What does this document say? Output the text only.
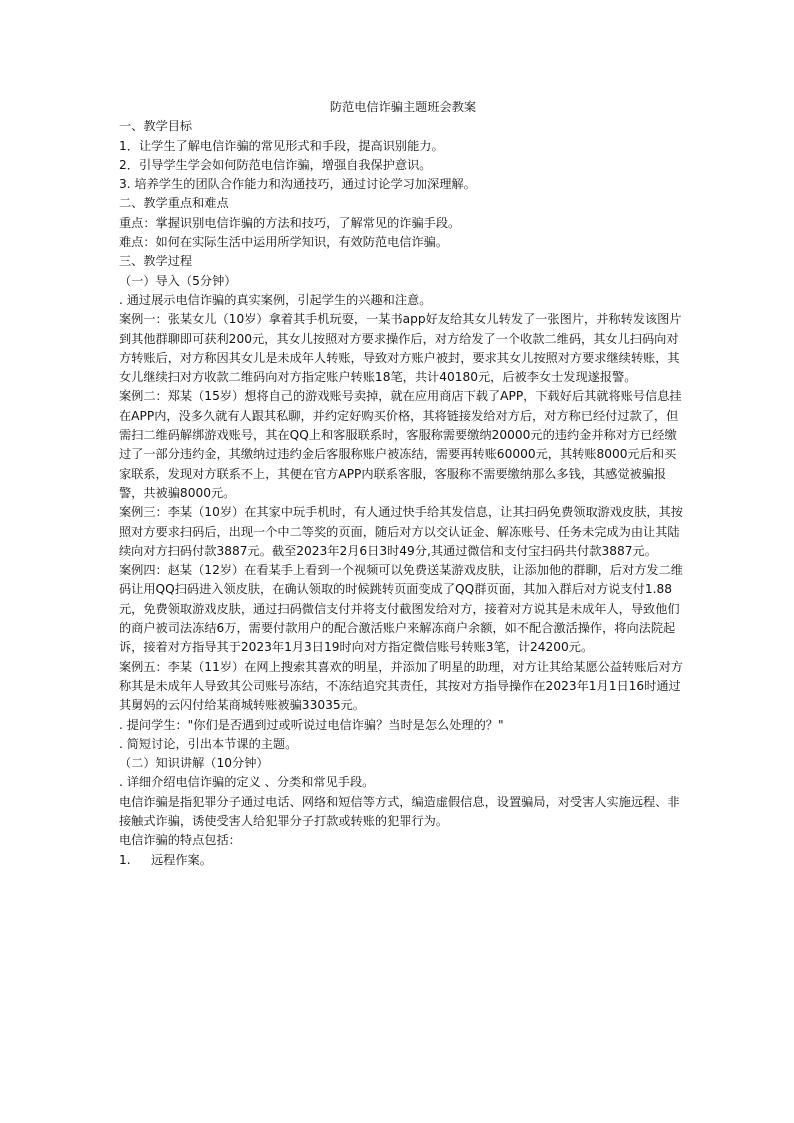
防范电信诈骗主题班会教案
一、教学目标
1．让学生了解电信诈骗的常见形式和手段，提高识别能力。
2．引导学生学会如何防范电信诈骗，增强自我保护意识。
3. 培养学生的团队合作能力和沟通技巧，通过讨论学习加深理解。
二、教学重点和难点
重点：掌握识别电信诈骗的方法和技巧，了解常见的诈骗手段。
难点：如何在实际生活中运用所学知识，有效防范电信诈骗。
三、教学过程
（一）导入（5分钟）
. 通过展示电信诈骗的真实案例，引起学生的兴趣和注意。
案例一：张某女儿（10岁）拿着其手机玩耍，一某书app好友给其女儿转发了一张图片，并称转发该图片到其他群聊即可获利200元，其女儿按照对方要求操作后，对方给发了一个收款二维码，其女儿扫码向对方转账后，对方称因其女儿是未成年人转账，导致对方账户被封，要求其女儿按照对方要求继续转账，其女儿继续扫对方收款二维码向对方指定账户转账18笔，共计40180元，后被李女士发现遂报警。
案例二：郑某（15岁）想将自己的游戏账号卖掉，就在应用商店下载了APP，下载好后其就将账号信息挂在APP内，没多久就有人跟其私聊，并约定好购买价格，其将链接发给对方后，对方称已经付过款了，但需扫二维码解绑游戏账号，其在QQ上和客服联系时，客服称需要缴纳20000元的违约金并称对方已经缴过了一部分违约金，其缴纳过违约金后客服称账户被冻结，需要再转账60000元，其转账8000元后和买家联系，发现对方联系不上，其便在官方APP内联系客服，客服称不需要缴纳那么多钱，其感觉被骗报警，共被骗8000元。
案例三：李某（10岁）在其家中玩手机时，有人通过快手给其发信息，让其扫码免费领取游戏皮肤，其按照对方要求扫码后，出现一个中二等奖的页面，随后对方以交认证金、解冻账号、任务未完成为由让其陆续向对方扫码付款3887元。截至2023年2月6日3时49分,其通过微信和支付宝扫码共付款3887元。
案例四：赵某（12岁）在看某手上看到一个视频可以免费送某游戏皮肤，让添加他的群聊，后对方发二维码让用QQ扫码进入领皮肤，在确认领取的时候跳转页面变成了QQ群页面，其加入群后对方说支付1.88元，免费领取游戏皮肤，通过扫码微信支付并将支付截图发给对方，接着对方说其是未成年人，导致他们的商户被司法冻结6万，需要付款用户的配合激活账户来解冻商户余额，如不配合激活操作，将向法院起诉，接着对方指导其于2023年1月3日19时向对方指定微信账号转账3笔，计24200元。
案例五：李某（11岁）在网上搜索其喜欢的明星，并添加了明星的助理，对方让其给某愿公益转账后对方称其是未成年人导致其公司账号冻结，不冻结追究其责任，其按对方指导操作在2023年1月1日16时通过其舅妈的云闪付给某商城转账被骗33035元。
. 提问学生："你们是否遇到过或听说过电信诈骗？当时是怎么处理的？"
. 简短讨论，引出本节课的主题。
（二）知识讲解（10分钟）
. 详细介绍电信诈骗的定义 、分类和常见手段。
电信诈骗是指犯罪分子通过电话、网络和短信等方式，编造虚假信息，设置骗局，对受害人实施远程、非接触式诈骗，诱使受害人给犯罪分子打款或转账的犯罪行为。
电信诈骗的特点包括：
1.	远程作案。
